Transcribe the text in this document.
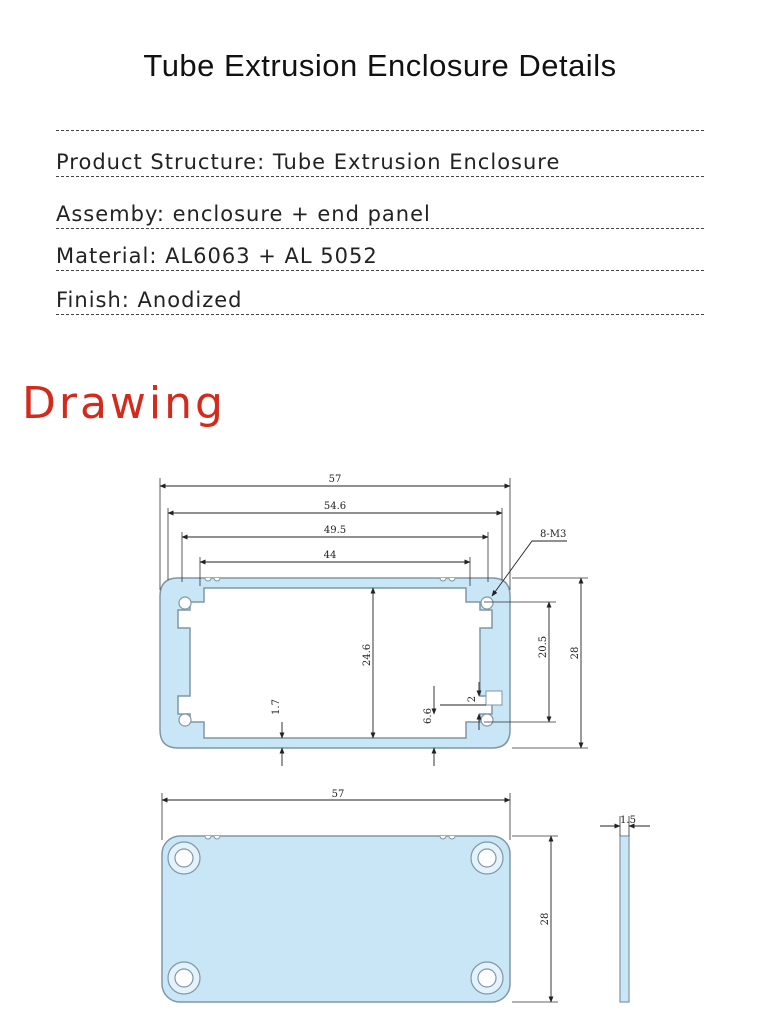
Tube Extrusion Enclosure Details
Product Structure: Tube Extrusion Enclosure
Assemby: enclosure + end panel
Material: AL6063 + AL 5052
Finish: Anodized
Drawing
57
54.6
49.5
44
8-M3
24.6	20.5 28
1.7
6.6
2
57
28
1.5
